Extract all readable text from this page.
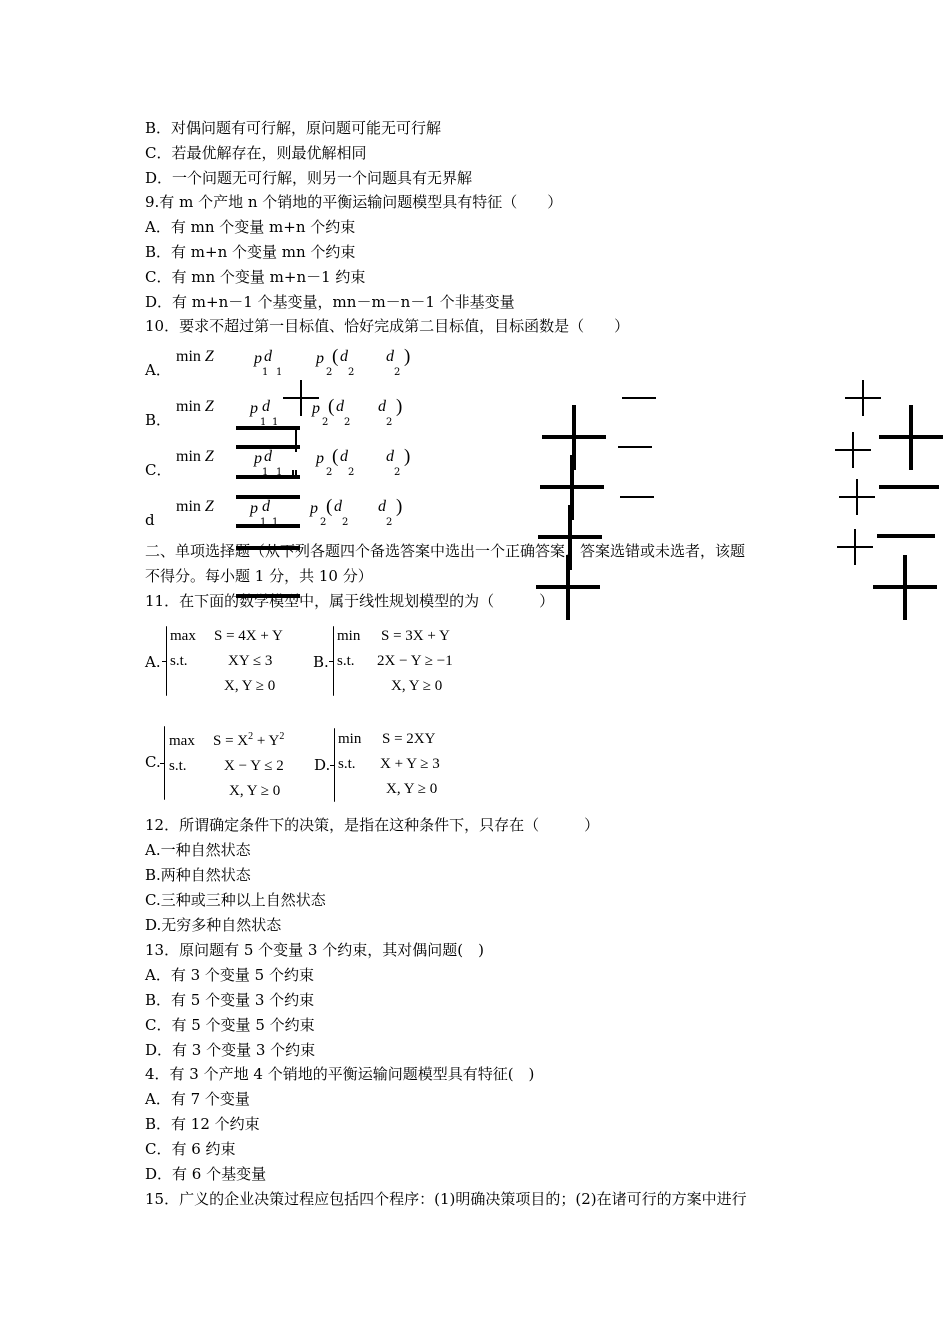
B．对偶问题有可行解，原问题可能无可行解
C．若最优解存在，则最优解相同
D．一个问题无可行解，则另一个问题具有无界解
9.有 m 个产地 n 个销地的平衡运输问题模型具有特征（　　）
A．有 mn 个变量 m+n 个约束
B．有 m+n 个变量 mn 个约束
C．有 mn 个变量 m+n－1 约束
D．有 m+n－1 个基变量，mn－m－n－1 个非基变量
10．要求不超过第一目标值、恰好完成第二目标值，目标函数是（　　）
A．
min Z	p d
1 1
p
2
( d
2
d
2
)
B．
min Z p d
1 1
p
2
( d
2
d
2
)
C．
min Z	p d
1 1
p
2
( d
2
d
2
)
d
min Z p d
1 1
p
2
( d
2
d
2
)
二、单项选择题（从下列各题四个备选答案中选出一个正确答案，答案选错或未选者，该题
不得分。每小题 1 分，共 10 分）
11．在下面的数学模型中，属于线性规划模型的为（　　　）
A.
max S = 4X + Y
s.t.	XY ≤ 3
X, Y ≥ 0
B.
min S = 3X + Y
s.t. 2X − Y ≥ −1
X, Y ≥ 0
C.
$\max S = X^2 + Y^2$
s.t. X − Y ≤ 2
X, Y ≥ 0
D.
min S = 2XY
s.t. X + Y ≥ 3
X, Y ≥ 0
12．所谓确定条件下的决策，是指在这种条件下，只存在（　　　）
A.一种自然状态
B.两种自然状态
C.三种或三种以上自然状态
D.无穷多种自然状态
13．原问题有 5 个变量 3 个约束，其对偶问题(　)
A．有 3 个变量 5 个约束
B．有 5 个变量 3 个约束
C．有 5 个变量 5 个约束
D．有 3 个变量 3 个约束
4．有 3 个产地 4 个销地的平衡运输问题模型具有特征(　)
A．有 7 个变量
B．有 12 个约束
C．有 6 约束
D．有 6 个基变量
15．广义的企业决策过程应包括四个程序：(1)明确决策项目的；(2)在诸可行的方案中进行
